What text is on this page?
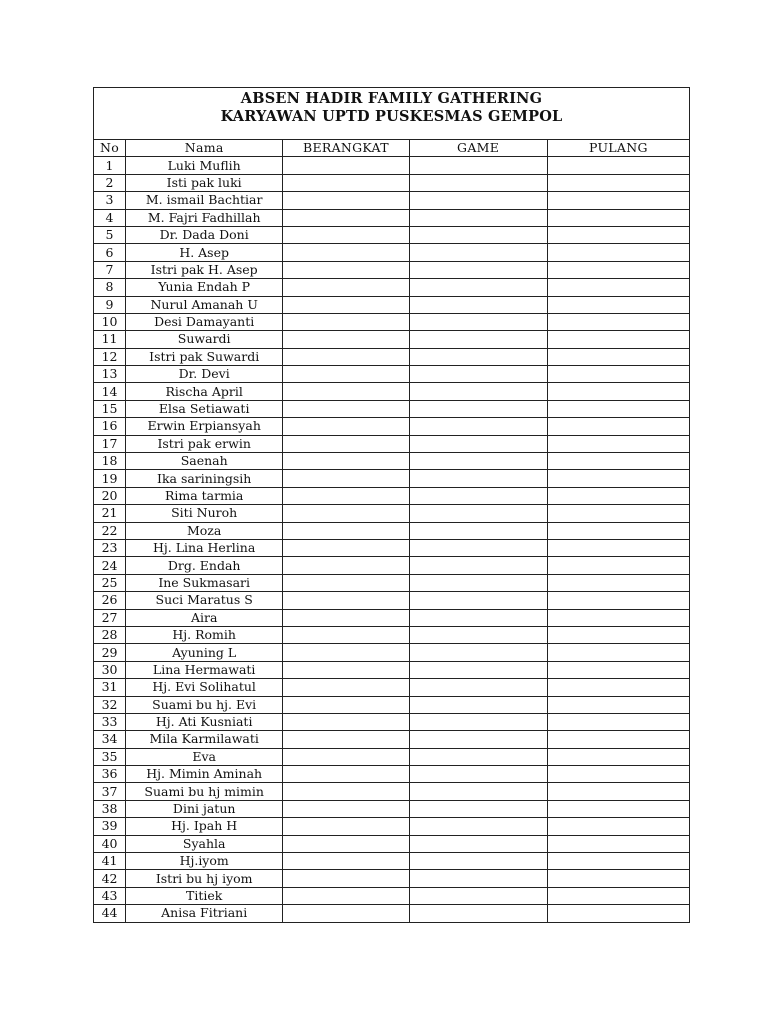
ABSEN HADIR FAMILY GATHERING
KARYAWAN UPTD PUSKESMAS GEMPOL
No	Nama	BERANGKAT	GAME	PULANG
1	Luki Muflih			
2	Isti pak luki			
3	M. ismail Bachtiar			
4	M. Fajri Fadhillah			
5	Dr. Dada Doni			
6	H. Asep			
7	Istri pak H. Asep			
8	Yunia Endah P			
9	Nurul Amanah U			
10	Desi Damayanti			
11	Suwardi			
12	Istri pak Suwardi			
13	Dr. Devi			
14	Rischa April			
15	Elsa Setiawati			
16	Erwin Erpiansyah			
17	Istri pak erwin			
18	Saenah			
19	Ika sariningsih			
20	Rima tarmia			
21	Siti Nuroh			
22	Moza			
23	Hj. Lina Herlina			
24	Drg. Endah			
25	Ine Sukmasari			
26	Suci Maratus S			
27	Aira			
28	Hj. Romih			
29	Ayuning L			
30	Lina Hermawati			
31	Hj. Evi Solihatul			
32	Suami bu hj. Evi			
33	Hj. Ati Kusniati			
34	Mila Karmilawati			
35	Eva			
36	Hj. Mimin Aminah			
37	Suami bu hj mimin			
38	Dini jatun			
39	Hj. Ipah H			
40	Syahla			
41	Hj.iyom			
42	Istri bu hj iyom			
43	Titiek			
44	Anisa Fitriani			
